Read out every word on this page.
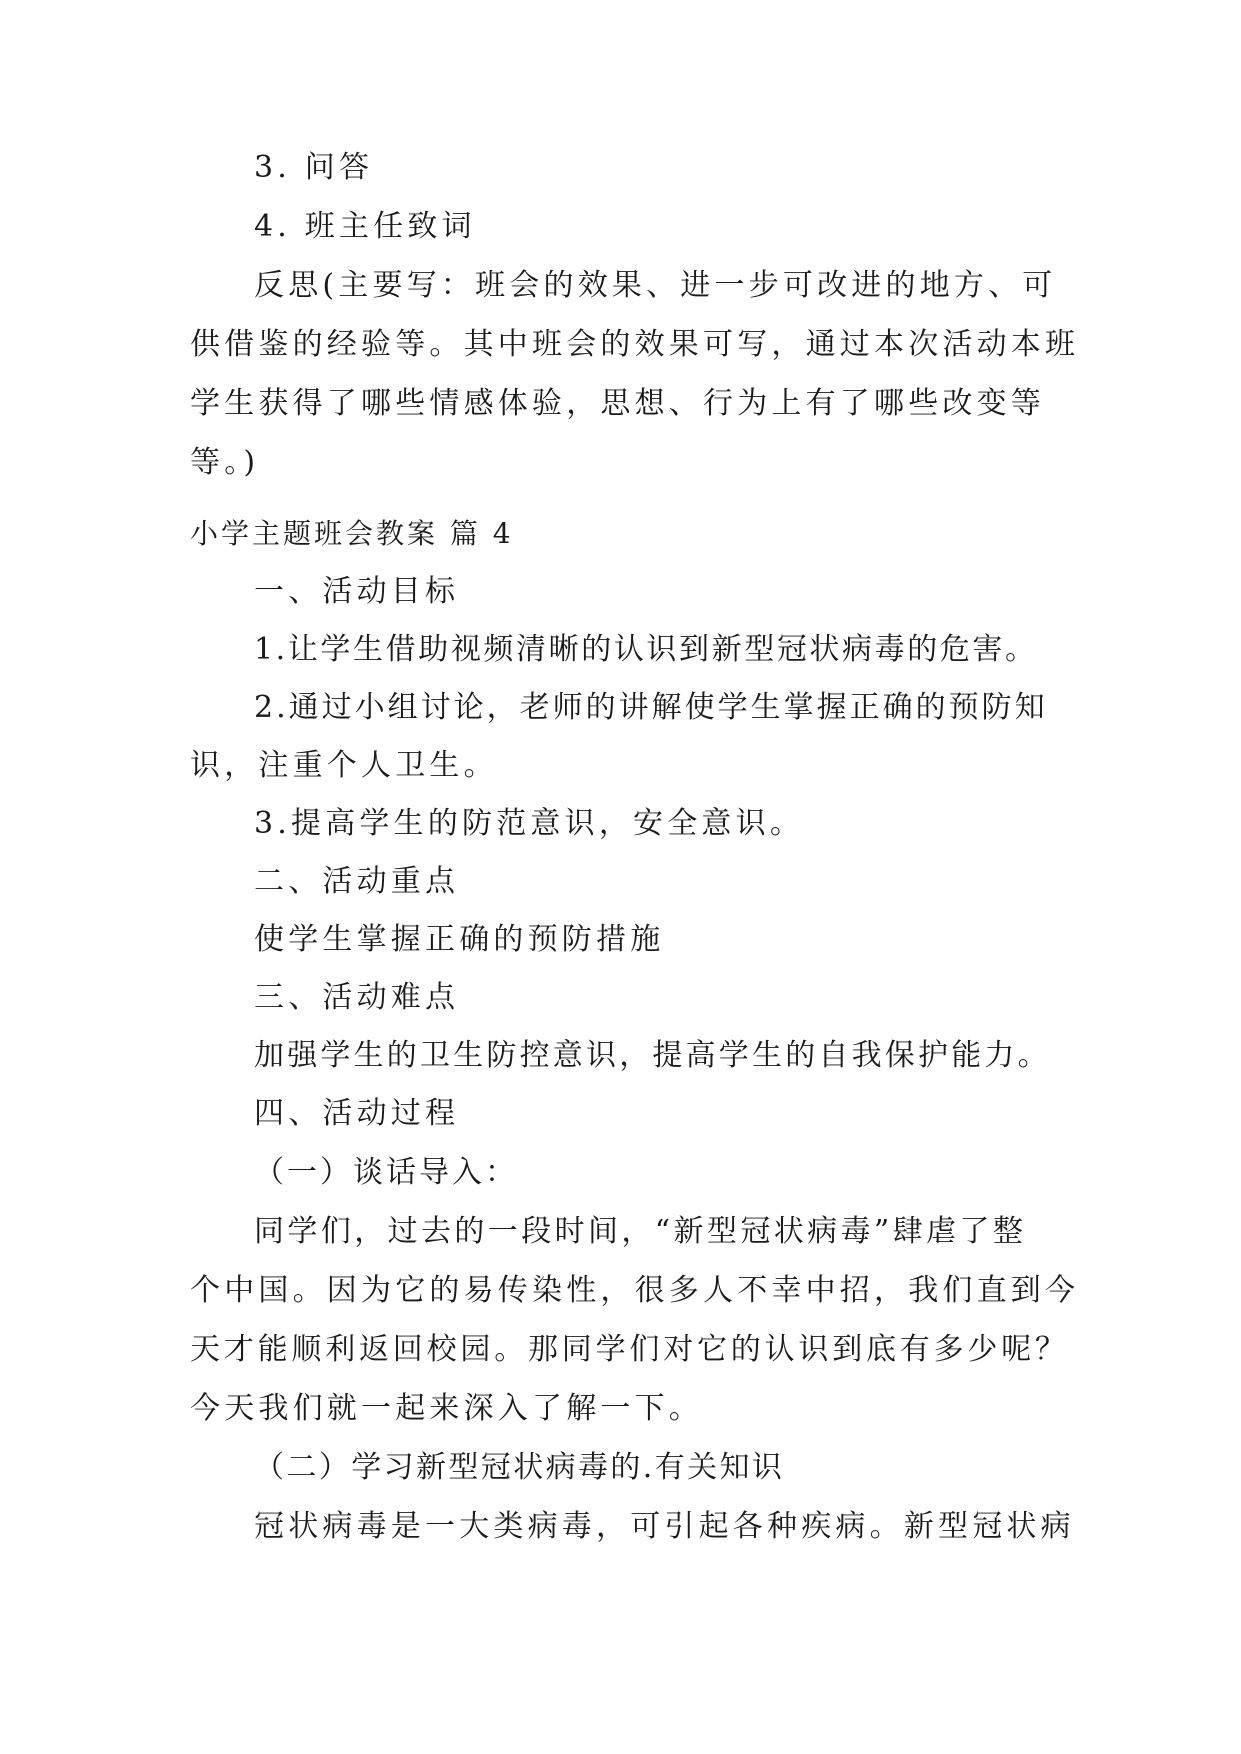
3. 问答
4. 班主任致词
反思(主要写：班会的效果、进一步可改进的地方、可
供借鉴的经验等。其中班会的效果可写，通过本次活动本班
学生获得了哪些情感体验，思想、行为上有了哪些改变等
等。)
小学主题班会教案 篇 4
一、活动目标
1.让学生借助视频清晰的认识到新型冠状病毒的危害。
2.通过小组讨论，老师的讲解使学生掌握正确的预防知
识，注重个人卫生。
3.提高学生的防范意识，安全意识。
二、活动重点
使学生掌握正确的预防措施
三、活动难点
加强学生的卫生防控意识，提高学生的自我保护能力。
四、活动过程
（一）谈话导入：
同学们，过去的一段时间，“新型冠状病毒”肆虐了整
个中国。因为它的易传染性，很多人不幸中招，我们直到今
天才能顺利返回校园。那同学们对它的认识到底有多少呢？
今天我们就一起来深入了解一下。
（二）学习新型冠状病毒的.有关知识
冠状病毒是一大类病毒，可引起各种疾病。新型冠状病
